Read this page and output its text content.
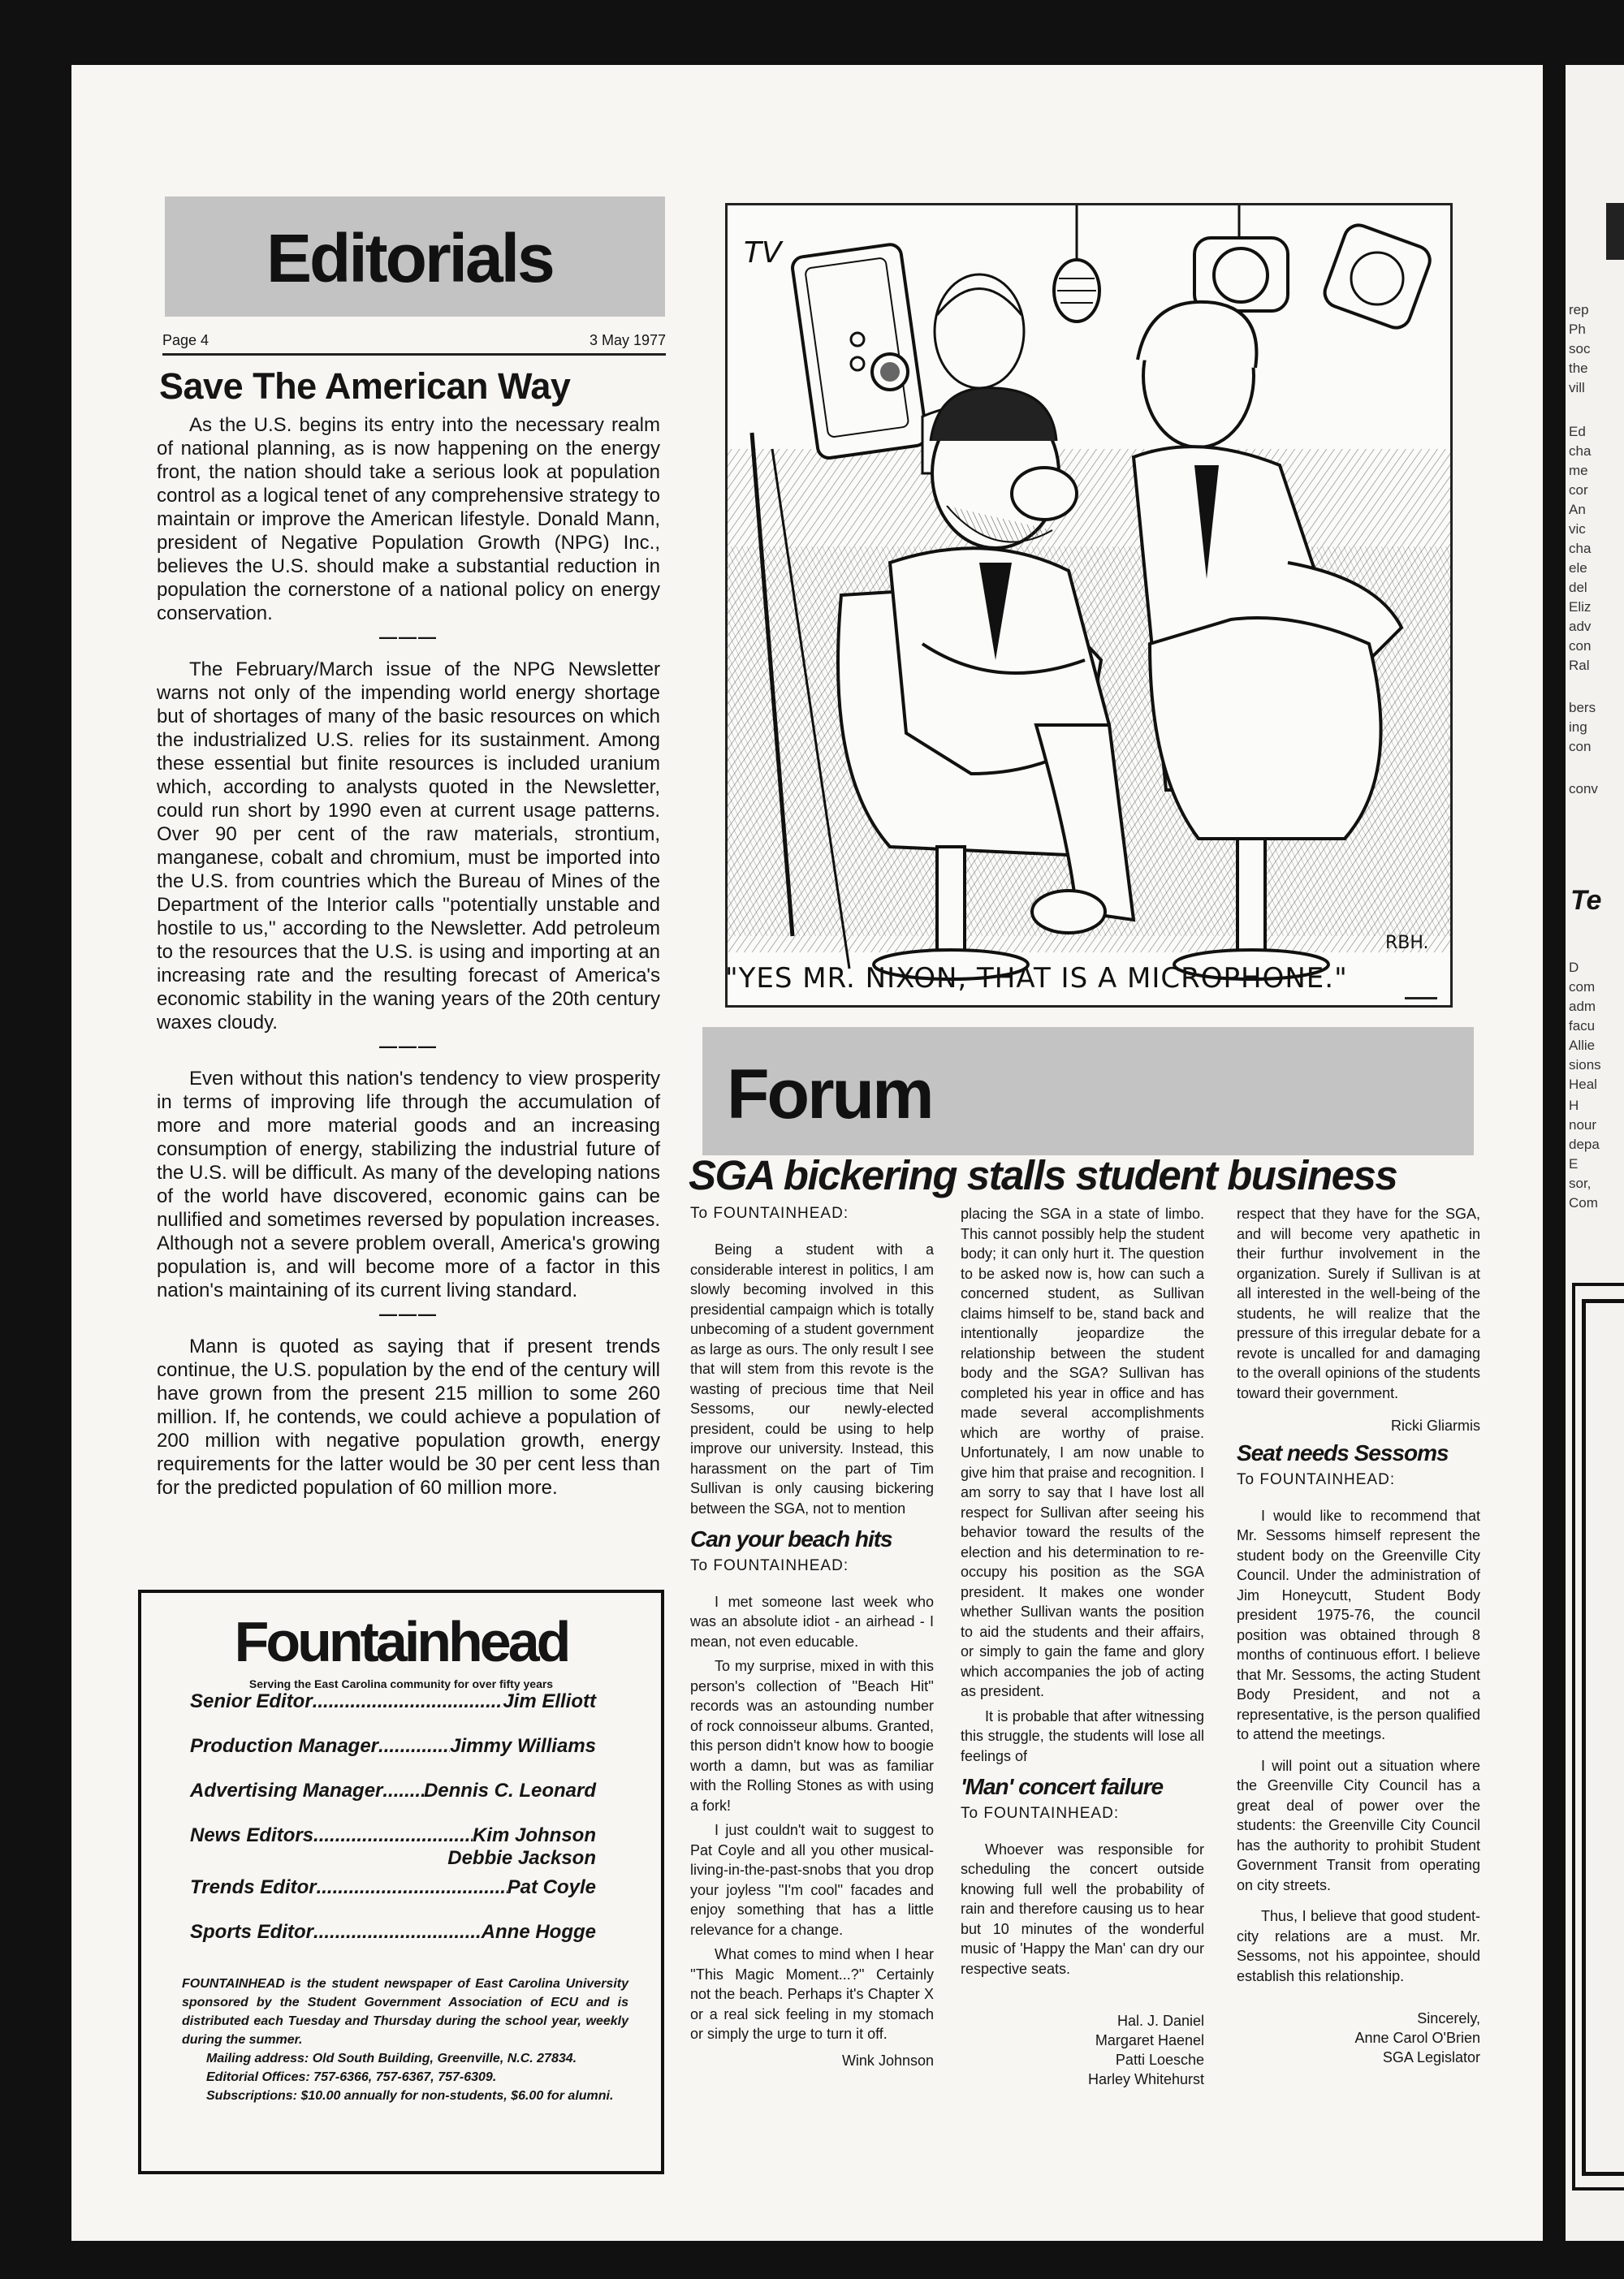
rep
Ph
soc
the
vill
Ed
cha
me
cor
An
vic
cha
ele
del
Eliz
adv
con
Ral
bers
ing
con
conv
Te
D
com
adm
facu
Allie
sions
Heal
H
nour
depa
E
sor,
Com
Editorials
Page 4	3 May 1977
Save The American Way

As the U.S. begins its entry into the necessary realm of national planning, as is now happening on the energy front, the nation should take a serious look at population control as a logical tenet of any comprehensive strategy to maintain or improve the American lifestyle. Donald Mann, president of Negative Population Growth (NPG) Inc., believes the U.S. should make a substantial reduction in population the cornerstone of a national policy on energy conservation.

———

The February/March issue of the NPG Newsletter warns not only of the impending world energy shortage but of shortages of many of the basic resources on which the industrialized U.S. relies for its sustainment. Among these essential but finite resources is included uranium which, according to analysts quoted in the Newsletter, could run short by 1990 even at current usage patterns. Over 90 per cent of the raw materials, strontium, manganese, cobalt and chromium, must be imported into the U.S. from countries which the Bureau of Mines of the Department of the Interior calls ''potentially unstable and hostile to us,'' according to the Newsletter. Add petroleum to the resources that the U.S. is using and importing at an increasing rate and the resulting forecast of America's economic stability in the waning years of the 20th century waxes cloudy.

———

Even without this nation's tendency to view prosperity in terms of improving life through the accumulation of more and more material goods and an increasing consumption of energy, stabilizing the industrial future of the U.S. will be difficult. As many of the developing nations of the world have discovered, economic gains can be nullified and sometimes reversed by population increases. Although not a severe problem overall, America's growing population is, and will become more of a factor in this nation's maintaining of its current living standard.

———

Mann is quoted as saying that if present trends continue, the U.S. population by the end of the century will have grown from the present 215 million to some 260 million. If, he contends, we could achieve a population of 200 million with negative population growth, energy requirements for the latter would be 30 per cent less than for the predicted population of 60 million more.

Fountainhead
Serving the East Carolina community for over fifty years
Senior Editor .....	Jim Elliott
Production Manager .....	Jimmy Williams
Advertising Manager ..... Dennis C. Leonard
News Editors .....	Kim Johnson
Debbie Jackson
Trends Editor .....	Pat Coyle
Sports Editor .....	Anne Hogge
FOUNTAINHEAD is the student newspaper of East Carolina University sponsored by the Student Government Association of ECU and is distributed each Tuesday and Thursday during the school year, weekly during the summer.
Mailing address: Old South Building, Greenville, N.C. 27834.
Editorial Offices: 757-6366, 757-6367, 757-6309.
Subscriptions: $10.00 annually for non-students, $6.00 for alumni.
TV
RBH.
"YES MR. NIXON, THAT IS A MICROPHONE."
Forum
SGA bickering stalls student business
To FOUNTAINHEAD:

Being a student with a considerable interest in politics, I am slowly becoming involved in this presidential campaign which is totally unbecoming of a student government as large as ours. The only result I see that will stem from this revote is the wasting of precious time that Neil Sessoms, our newly-elected president, could be using to help improve our university. Instead, this harassment on the part of Tim Sullivan is only causing bickering between the SGA, not to mention

Can your beach hits
To FOUNTAINHEAD:

I met someone last week who was an absolute idiot - an airhead - I mean, not even educable.

To my surprise, mixed in with this person's collection of ''Beach Hit'' records was an astounding number of rock connoisseur albums. Granted, this person didn't know how to boogie worth a damn, but was as familiar with the Rolling Stones as with using a fork!

I just couldn't wait to suggest to Pat Coyle and all you other musical-living-in-the-past-snobs that you drop your joyless ''I'm cool'' facades and enjoy something that has a little relevance for a change.

What comes to mind when I hear ''This Magic Moment...?'' Certainly not the beach. Perhaps it's Chapter X or a real sick feeling in my stomach or simply the urge to turn it off.

Wink Johnson

placing the SGA in a state of limbo. This cannot possibly help the student body; it can only hurt it. The question to be asked now is, how can such a concerned student, as Sullivan claims himself to be, stand back and intentionally jeopardize the relationship between the student body and the SGA? Sullivan has completed his year in office and has made several accomplishments which are worthy of praise. Unfortunately, I am now unable to give him that praise and recognition. I am sorry to say that I have lost all respect for Sullivan after seeing his behavior toward the results of the election and his determination to re-occupy his position as the SGA president. It makes one wonder whether Sullivan wants the position to aid the students and their affairs, or simply to gain the fame and glory which accompanies the job of acting as president.

It is probable that after witnessing this struggle, the students will lose all feelings of

'Man' concert failure
To FOUNTAINHEAD:

Whoever was responsible for scheduling the concert outside knowing full well the probability of rain and therefore causing us to hear but 10 minutes of the wonderful music of 'Happy the Man' can dry our respective seats.

Hal. J. Daniel
Margaret Haenel
Patti Loesche
Harley Whitehurst

respect that they have for the SGA, and will become very apathetic in their furthur involvement in the organization. Surely if Sullivan is at all interested in the well-being of the students, he will realize that the pressure of this irregular debate for a revote is uncalled for and damaging to the overall opinions of the students toward their government.

Ricki Gliarmis
Seat needs Sessoms
To FOUNTAINHEAD:

I would like to recommend that Mr. Sessoms himself represent the student body on the Greenville City Council. Under the administration of Jim Honeycutt, Student Body president 1975-76, the council position was obtained through 8 months of continuous effort. I believe that Mr. Sessoms, the acting Student Body President, and not a representative, is the person qualified to attend the meetings.

I will point out a situation where the Greenville City Council has a great deal of power over the students: the Greenville City Council has the authority to prohibit Student Government Transit from operating on city streets.

Thus, I believe that good student-city relations are a must. Mr. Sessoms, not his appointee, should establish this relationship.

Sincerely,
Anne Carol O'Brien
SGA Legislator
